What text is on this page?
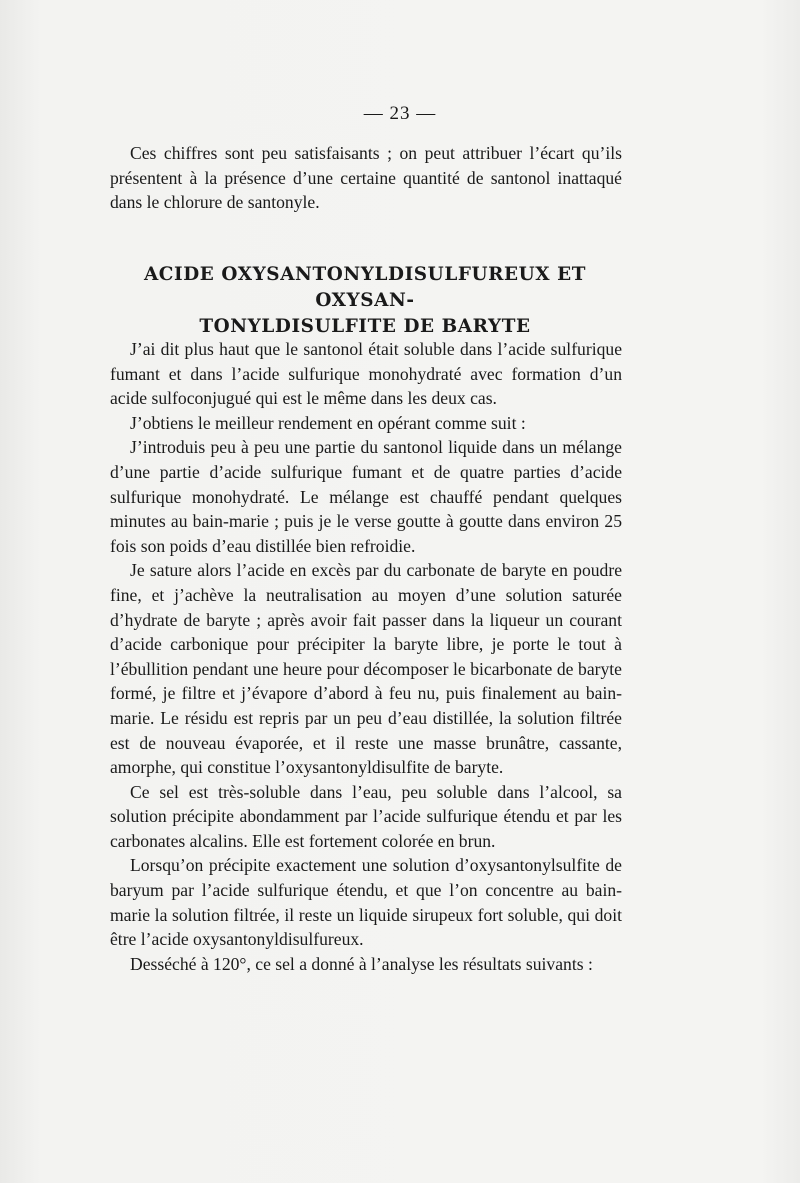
— 23 —

Ces chiffres sont peu satisfaisants ; on peut attribuer l’écart qu’ils présentent à la présence d’une certaine quantité de santonol inattaqué dans le chlorure de santonyle.

ACIDE OXYSANTONYLDISULFUREUX ET OXYSAN-
TONYLDISULFITE DE BARYTE

J’ai dit plus haut que le santonol était soluble dans l’acide sulfurique fumant et dans l’acide sulfurique monohydraté avec formation d’un acide sulfoconjugué qui est le même dans les deux cas.

J’obtiens le meilleur rendement en opérant comme suit :

J’introduis peu à peu une partie du santonol liquide dans un mélange d’une partie d’acide sulfurique fumant et de quatre parties d’acide sulfurique monohydraté. Le mélange est chauffé pendant quelques minutes au bain-marie ; puis je le verse goutte à goutte dans environ 25 fois son poids d’eau distillée bien refroidie.

Je sature alors l’acide en excès par du carbonate de baryte en poudre fine, et j’achève la neutralisation au moyen d’une solution saturée d’hydrate de baryte ; après avoir fait passer dans la liqueur un courant d’acide carbonique pour précipiter la baryte libre, je porte le tout à l’ébullition pendant une heure pour décomposer le bicarbonate de baryte formé, je filtre et j’évapore d’abord à feu nu, puis finalement au bain-marie. Le résidu est repris par un peu d’eau distillée, la solution filtrée est de nouveau évaporée, et il reste une masse brunâtre, cassante, amorphe, qui constitue l’oxysantonyldisulfite de baryte.

Ce sel est très-soluble dans l’eau, peu soluble dans l’alcool, sa solution précipite abondamment par l’acide sulfurique étendu et par les carbonates alcalins. Elle est fortement colorée en brun.

Lorsqu’on précipite exactement une solution d’oxysantonylsulfite de baryum par l’acide sulfurique étendu, et que l’on concentre au bain-marie la solution filtrée, il reste un liquide sirupeux fort soluble, qui doit être l’acide oxysantonyldisulfureux.

Desséché à 120°, ce sel a donné à l’analyse les résultats suivants :
